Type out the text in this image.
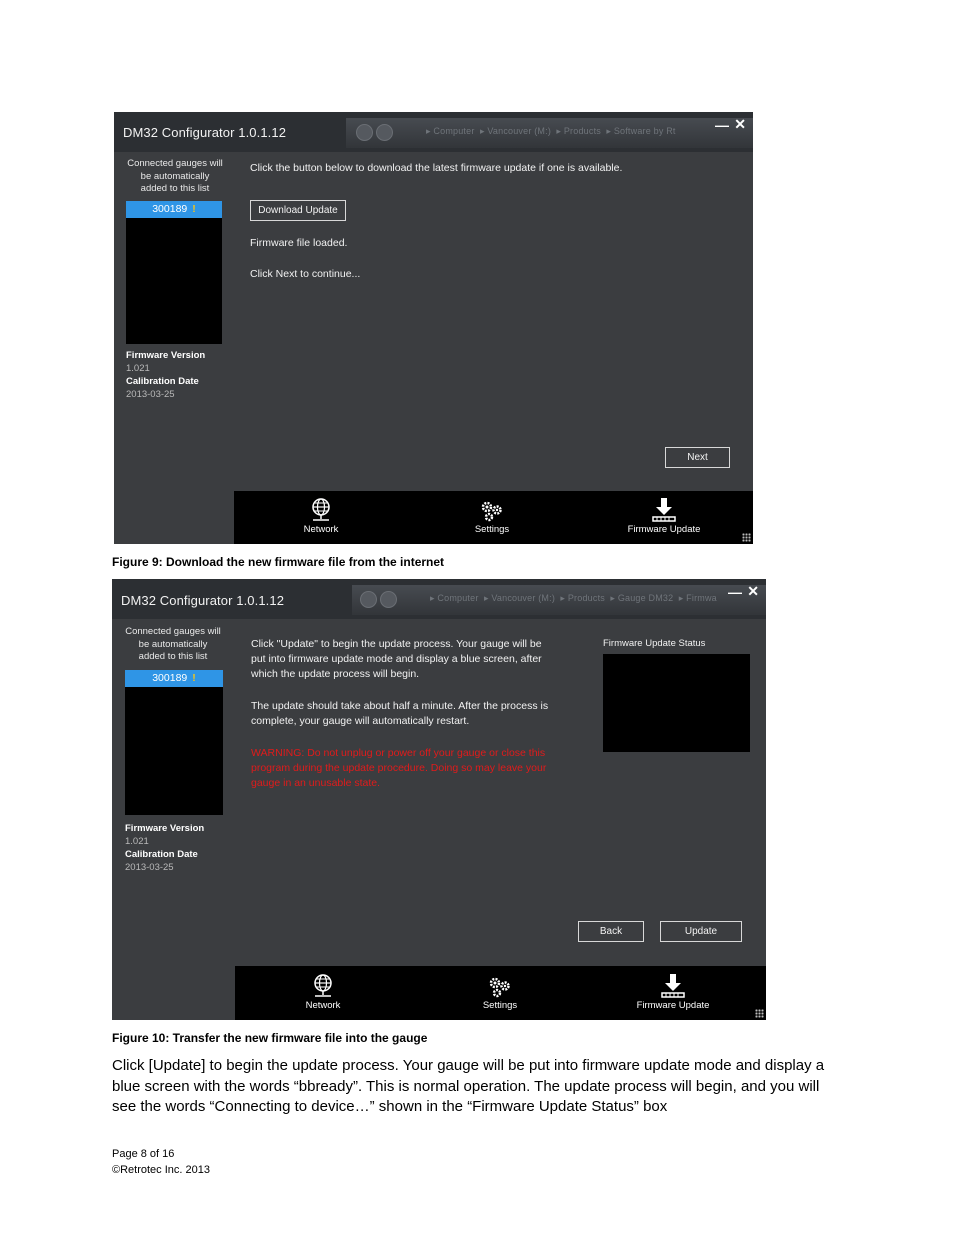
▸ Computer  ▸ Vancouver (M:)  ▸ Products  ▸ Software by Rt
DM32 Configurator 1.0.1.12	— ✕
Connected gauges will
be automatically
added to this list
300189 !
Firmware Version
1.021
Calibration Date
2013-03-25
Click the button below to download the latest firmware update if one is available.
Download Update
Firmware file loaded.
Click Next to continue...
Next
Network	Settings	Firmware Update
Figure 9: Download the new firmware file from the internet
▸ Computer  ▸ Vancouver (M:)  ▸ Products  ▸ Gauge DM32  ▸ Firmwa
DM32 Configurator 1.0.1.12
— ✕
Connected gauges will
be automatically
added to this list
300189 !
Firmware Version
1.021
Calibration Date
2013-03-25
Click "Update" to begin the update process. Your gauge will be
put into firmware update mode and display a blue screen, after
which the update process will begin.
The update should take about half a minute. After the process is
complete, your gauge will automatically restart.
WARNING: Do not unplug or power off your gauge or close this
program during the update procedure. Doing so may leave your
gauge in an unusable state.
Firmware Update Status
Back	Update
Network	Settings	Firmware Update
Figure 10: Transfer the new firmware file into the gauge
Click [Update] to begin the update process. Your gauge will be put into firmware update mode and display a blue screen with the words “bbready”. This is normal operation. The update process will begin, and you will see the words “Connecting to device…” shown in the “Firmware Update Status” box
Page 8 of 16
©Retrotec Inc. 2013
